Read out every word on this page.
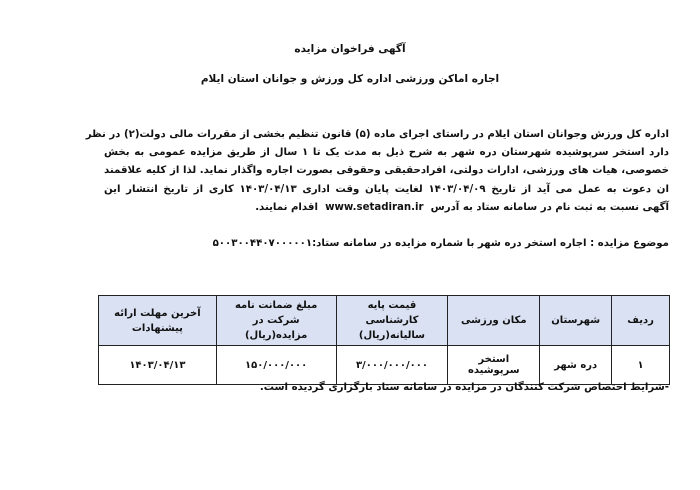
آگهی فراخوان مزایده
اجاره اماکن ورزشی اداره کل ورزش و جوانان استان ایلام
اداره کل ورزش وجوانان استان ایلام در راستای اجرای ماده (۵) قانون تنظیم بخشی از مقررات مالی دولت(۲) در نظر
دارد استخر سرپوشیده شهرستان دره شهر به شرح ذیل به مدت یک تا ۱ سال از طریق مزایده عمومی به بخش
خصوصی، هیات های ورزشی، ادارات دولتی، افرادحقیقی وحقوقی بصورت اجاره واگذار نماید. لذا از کلیه علاقمند
ان دعوت به عمل می آید از تاریخ ۱۴۰۳/۰۴/۰۹ لغایت پایان وقت اداری ۱۴۰۳/۰۴/۱۳ کاری از تاریخ انتشار این
آگهی نسبت به ثبت نام در سامانه ستاد به آدرس  www.setadiran.ir  اقدام نمایند.
موضوع مزایده : اجاره استخر دره شهر با شماره مزایده در سامانه ستاد:۵۰۰۳۰۰۴۴۰۷۰۰۰۰۰۱
ردیف	شهرستان	مکان ورزشی	قیمت پایه کارشناسی سالیانه(ریال)	مبلغ ضمانت نامه شرکت در مزایده(ریال)	آخرین مهلت ارائه پیشنهادات
۱	دره شهر	استخر سرپوشیده	۳/۰۰۰/۰۰۰/۰۰۰	۱۵۰/۰۰۰/۰۰۰	۱۴۰۳/۰۴/۱۳
-شرایط اختصاص شرکت کنندگان در مزایده در سامانه ستاد بارگزاری گردیده است.
